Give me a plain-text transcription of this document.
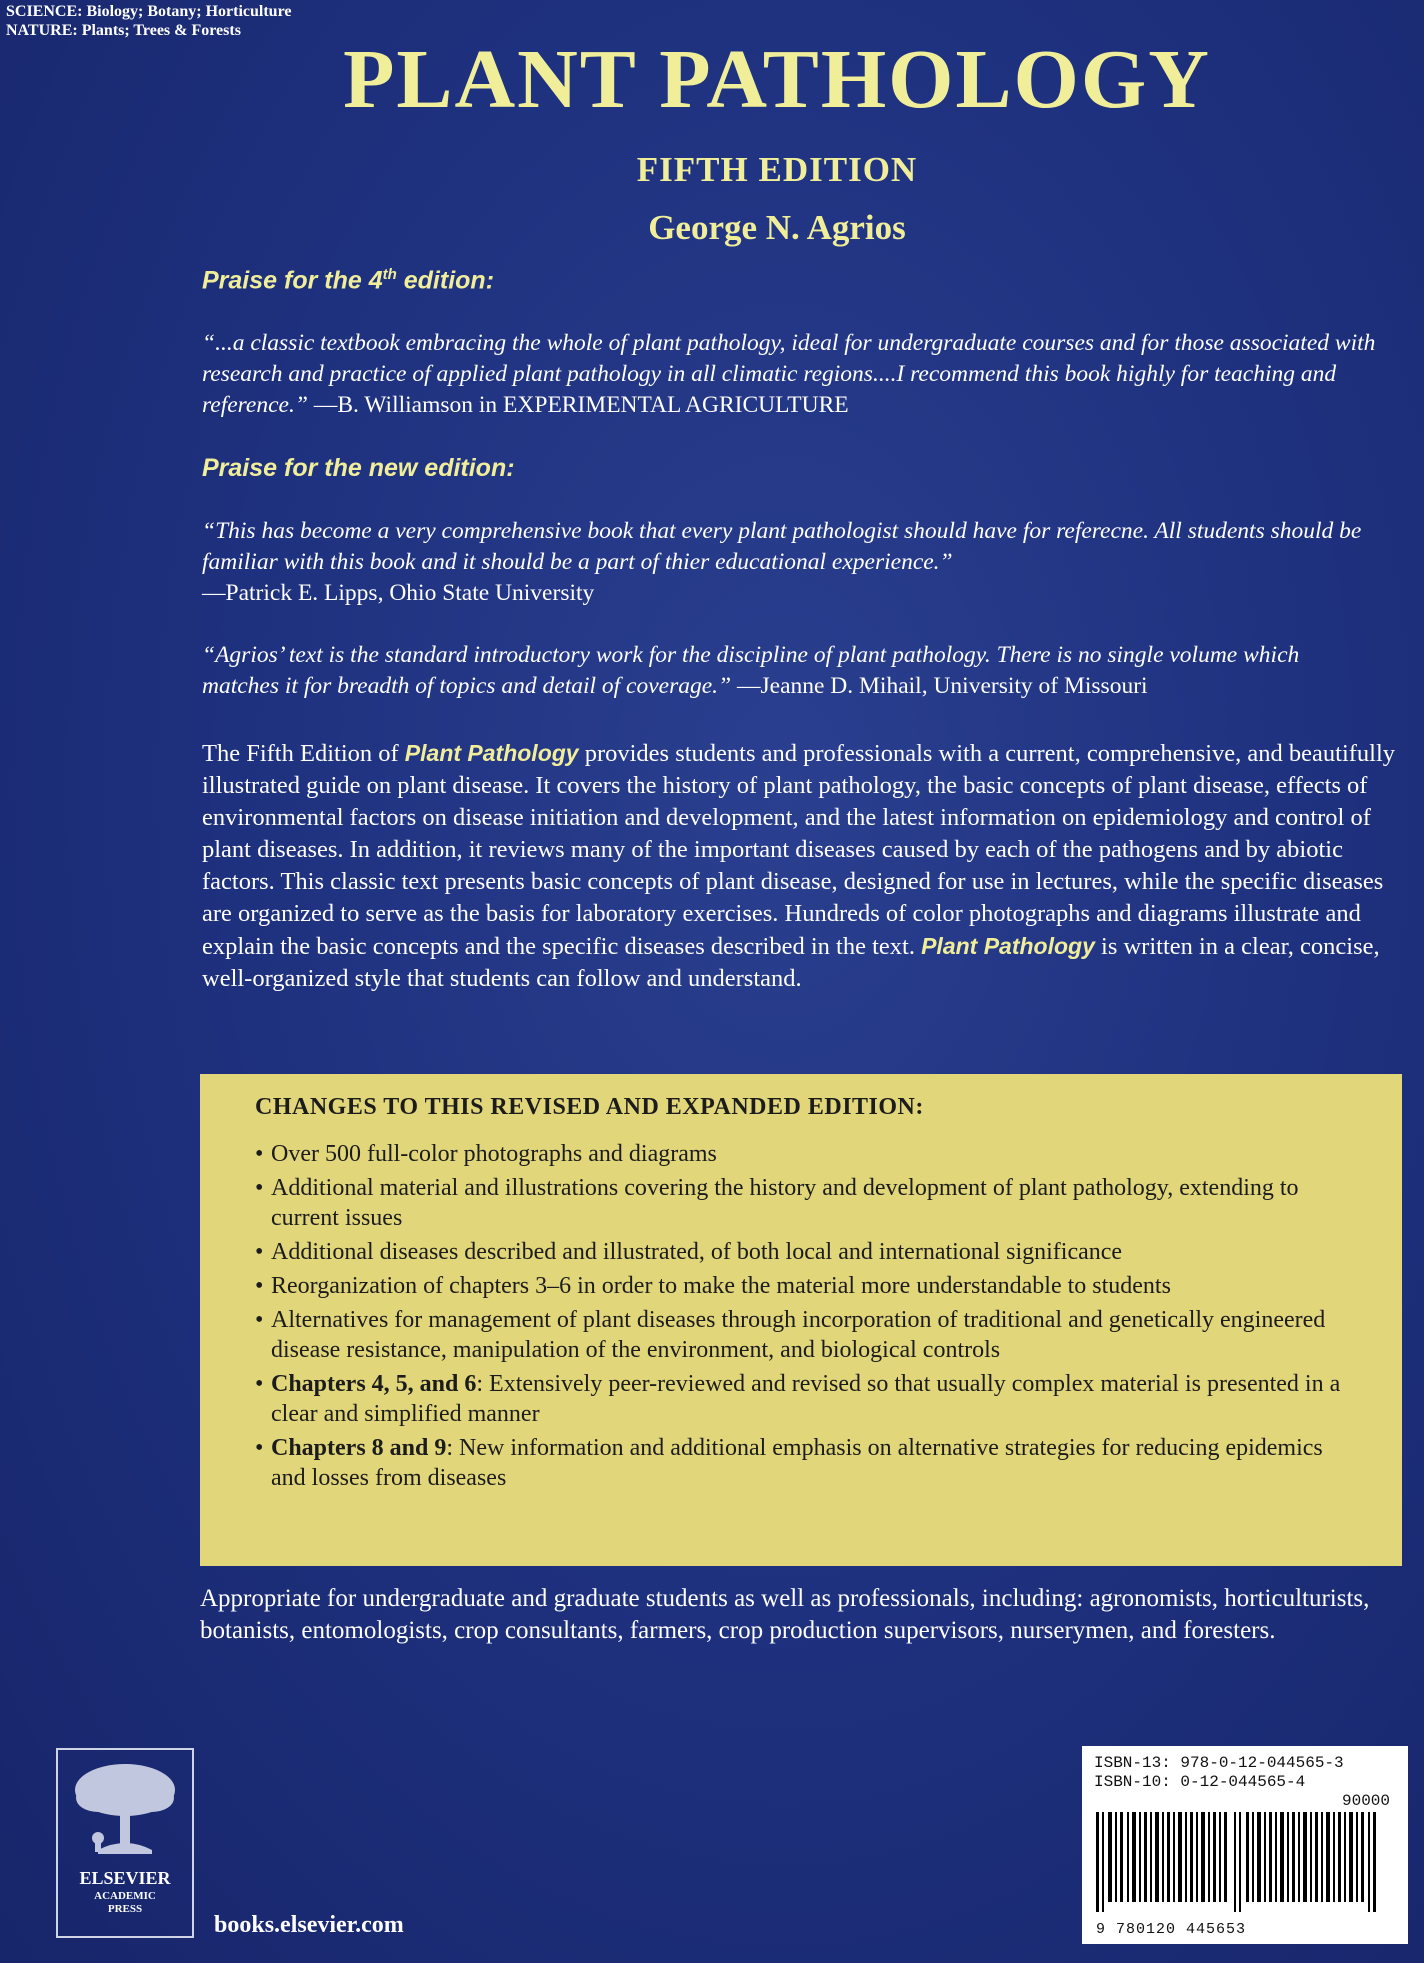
SCIENCE: Biology; Botany; Horticulture
NATURE: Plants; Trees & Forests
PLANT PATHOLOGY
FIFTH EDITION
George N. Agrios
Praise for the 4th edition:
“...a classic textbook embracing the whole of plant pathology, ideal for undergraduate courses and for those associated with research and practice of applied plant pathology in all climatic regions....I recommend this book highly for teaching and reference.” —B. Williamson in EXPERIMENTAL AGRICULTURE
Praise for the new edition:
“This has become a very comprehensive book that every plant pathologist should have for referecne. All students should be familiar with this book and it should be a part of thier educational experience.”
—Patrick E. Lipps, Ohio State University
“Agrios’ text is the standard introductory work for the discipline of plant pathology. There is no single volume which matches it for breadth of topics and detail of coverage.” —Jeanne D. Mihail, University of Missouri
The Fifth Edition of Plant Pathology provides students and professionals with a current, comprehensive, and beautifully illustrated guide on plant disease. It covers the history of plant pathology, the basic concepts of plant disease, effects of environmental factors on disease initiation and development, and the latest information on epidemiology and control of plant diseases. In addition, it reviews many of the important diseases caused by each of the pathogens and by abiotic factors. This classic text presents basic concepts of plant disease, designed for use in lectures, while the specific diseases are organized to serve as the basis for laboratory exercises. Hundreds of color photographs and diagrams illustrate and explain the basic concepts and the specific diseases described in the text. Plant Pathology is written in a clear, concise, well-organized style that students can follow and understand.
CHANGES TO THIS REVISED AND EXPANDED EDITION:
• Over 500 full-color photographs and diagrams
• Additional material and illustrations covering the history and development of plant pathology, extending to current issues
• Additional diseases described and illustrated, of both local and international significance
• Reorganization of chapters 3–6 in order to make the material more understandable to students
• Alternatives for management of plant diseases through incorporation of traditional and genetically engineered disease resistance, manipulation of the environment, and biological controls
• Chapters 4, 5, and 6: Extensively peer-reviewed and revised so that usually complex material is presented in a clear and simplified manner
• Chapters 8 and 9: New information and additional emphasis on alternative strategies for reducing epidemics and losses from diseases
Appropriate for undergraduate and graduate students as well as professionals, including: agronomists, horticulturists, botanists, entomologists, crop consultants, farmers, crop production supervisors, nurserymen, and foresters.
ELSEVIER
ACADEMIC
PRESS
books.elsevier.com
ISBN-13: 978-0-12-044565-3
ISBN-10: 0-12-044565-4
90000
9 780120 445653
